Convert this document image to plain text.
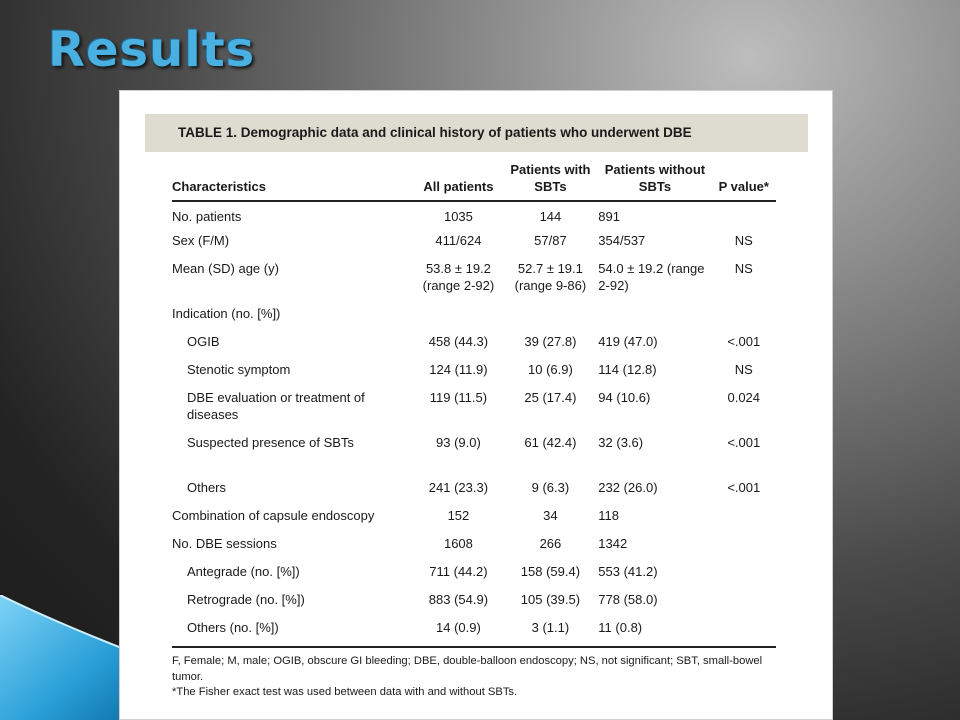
Results
TABLE 1. Demographic data and clinical history of patients who underwent DBE
Characteristics	All patients	Patients with SBTs	Patients without SBTs	P value*
No. patients	1035	144	891	
Sex (F/M)	411/624	57/87	354/537	NS
Mean (SD) age (y)	53.8 ± 19.2 (range 2-92)	52.7 ± 19.1 (range 9-86)	54.0 ± 19.2 (range 2-92)	NS
Indication (no. [%])				
OGIB	458 (44.3)	39 (27.8)	419 (47.0)	<.001
Stenotic symptom	124 (11.9)	10 (6.9)	114 (12.8)	NS
DBE evaluation or treatment of diseases	119 (11.5)	25 (17.4)	94 (10.6)	0.024
Suspected presence of SBTs	93 (9.0)	61 (42.4)	32 (3.6)	<.001
Others	241 (23.3)	9 (6.3)	232 (26.0)	<.001
Combination of capsule endoscopy	152	34	118	
No. DBE sessions	1608	266	1342	
Antegrade (no. [%])	711 (44.2)	158 (59.4)	553 (41.2)	
Retrograde (no. [%])	883 (54.9)	105 (39.5)	778 (58.0)	
Others (no. [%])	14 (0.9)	3 (1.1)	11 (0.8)	

F, Female; M, male; OGIB, obscure GI bleeding; DBE, double-balloon endoscopy; NS, not significant; SBT, small-bowel tumor.

*The Fisher exact test was used between data with and without SBTs.
